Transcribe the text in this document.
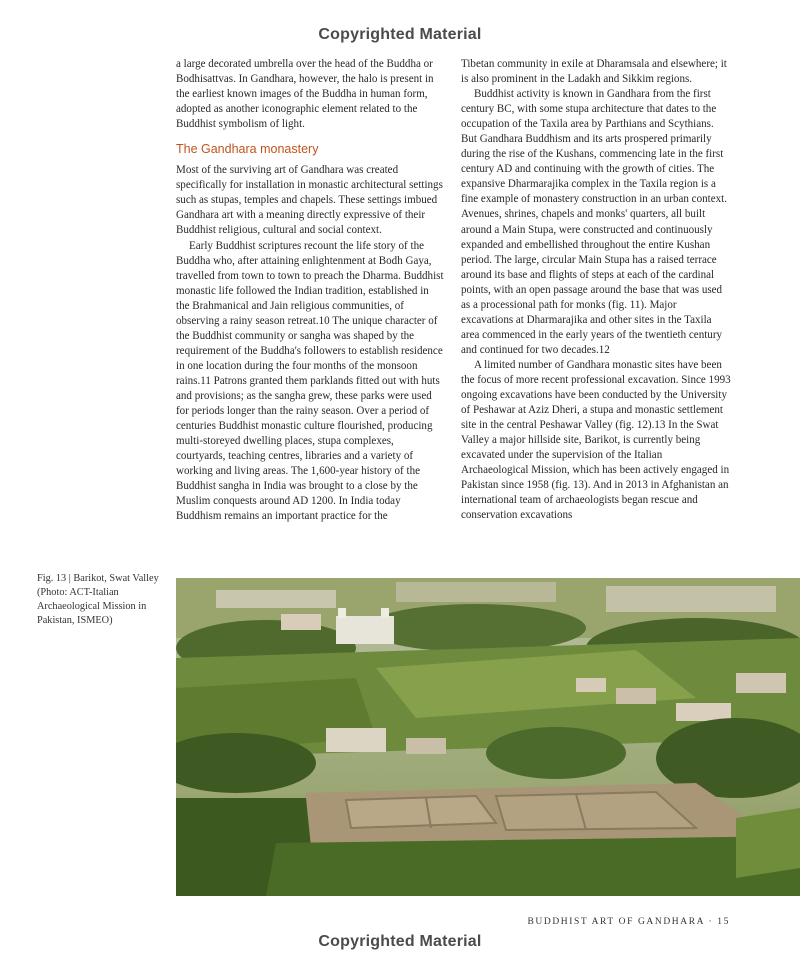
Copyrighted Material

a large decorated umbrella over the head of the Buddha or Bodhisattvas. In Gandhara, however, the halo is present in the earliest known images of the Buddha in human form, adopted as another iconographic element related to the Buddhist symbolism of light.

The Gandhara monastery

Most of the surviving art of Gandhara was created specifically for installation in monastic architectural settings such as stupas, temples and chapels. These settings imbued Gandhara art with a meaning directly expressive of their Buddhist religious, cultural and social context.

Early Buddhist scriptures recount the life story of the Buddha who, after attaining enlightenment at Bodh Gaya, travelled from town to town to preach the Dharma. Buddhist monastic life followed the Indian tradition, established in the Brahmanical and Jain religious communities, of observing a rainy season retreat.10 The unique character of the Buddhist community or sangha was shaped by the requirement of the Buddha's followers to establish residence in one location during the four months of the monsoon rains.11 Patrons granted them parklands fitted out with huts and provisions; as the sangha grew, these parks were used for periods longer than the rainy season. Over a period of centuries Buddhist monastic culture flourished, producing multi-storeyed dwelling places, stupa complexes, courtyards, teaching centres, libraries and a variety of working and living areas. The 1,600-year history of the Buddhist sangha in India was brought to a close by the Muslim conquests around AD 1200. In India today Buddhism remains an important practice for the

Tibetan community in exile at Dharamsala and elsewhere; it is also prominent in the Ladakh and Sikkim regions.

Buddhist activity is known in Gandhara from the first century BC, with some stupa architecture that dates to the occupation of the Taxila area by Parthians and Scythians. But Gandhara Buddhism and its arts prospered primarily during the rise of the Kushans, commencing late in the first century AD and continuing with the growth of cities. The expansive Dharmarajika complex in the Taxila region is a fine example of monastery construction in an urban context. Avenues, shrines, chapels and monks' quarters, all built around a Main Stupa, were constructed and continuously expanded and embellished throughout the entire Kushan period. The large, circular Main Stupa has a raised terrace around its base and flights of steps at each of the cardinal points, with an open passage around the base that was used as a processional path for monks (fig. 11). Major excavations at Dharmarajika and other sites in the Taxila area commenced in the early years of the twentieth century and continued for two decades.12

A limited number of Gandhara monastic sites have been the focus of more recent professional excavation. Since 1993 ongoing excavations have been conducted by the University of Peshawar at Aziz Dheri, a stupa and monastic settlement site in the central Peshawar Valley (fig. 12).13 In the Swat Valley a major hillside site, Barikot, is currently being excavated under the supervision of the Italian Archaeological Mission, which has been actively engaged in Pakistan since 1958 (fig. 13). And in 2013 in Afghanistan an international team of archaeologists began rescue and conservation excavations

Fig. 13 | Barikot, Swat Valley (Photo: ACT-Italian Archaeological Mission in Pakistan, ISMEO)
BUDDHIST ART OF GANDHARA · 15
Copyrighted Material
